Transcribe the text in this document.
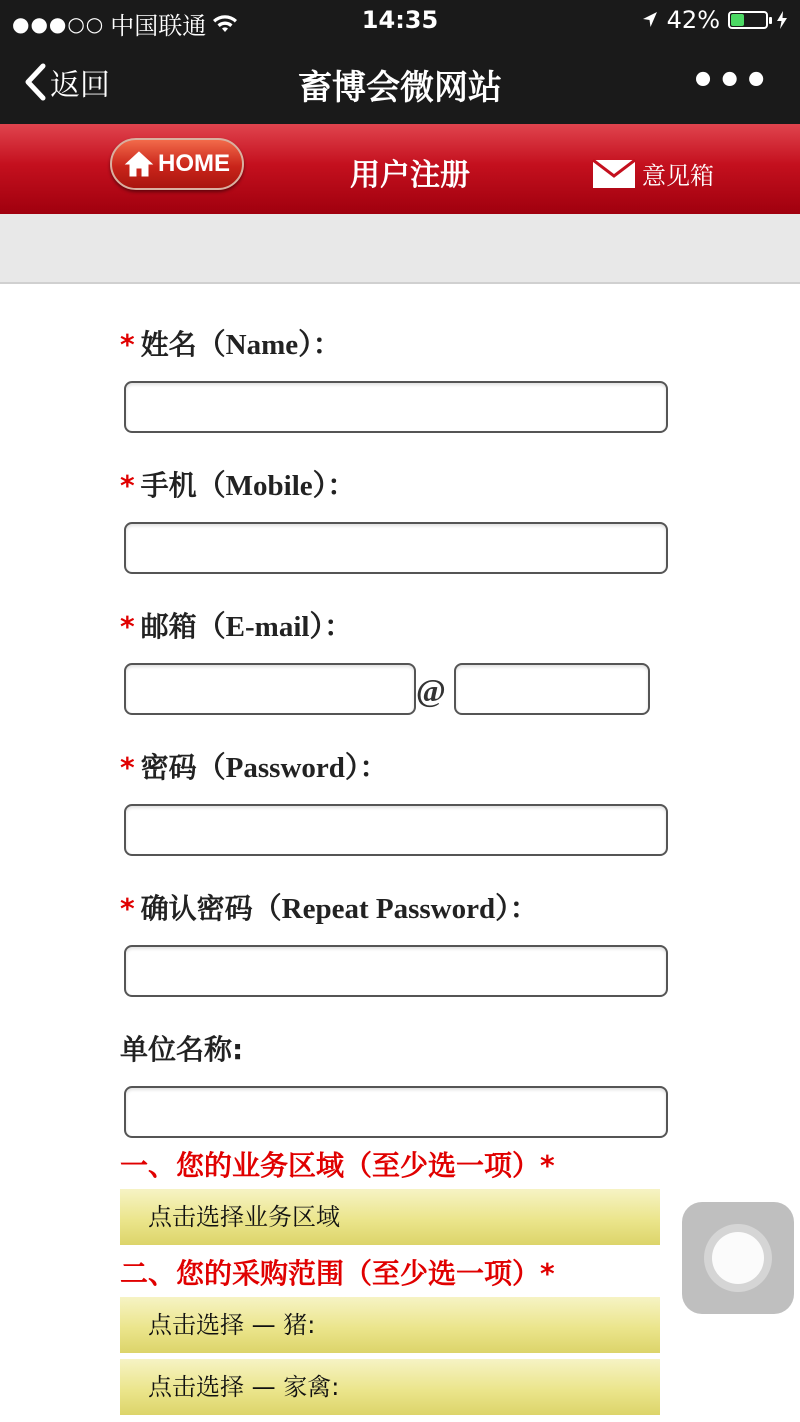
●●●○○ 中国联通	14:35	42%
返回	畜博会微网站	•••
HOME	用户注册	意见箱
* 姓名（Name）：
* 手机（Mobile）：
* 邮箱（E-mail）：
@
* 密码（Password）：
* 确认密码（Repeat Password）：
单位名称:
一、您的业务区域（至少选一项）*
点击选择业务区域
二、您的采购范围（至少选一项）*
点击选择 — 猪:
点击选择 — 家禽:
